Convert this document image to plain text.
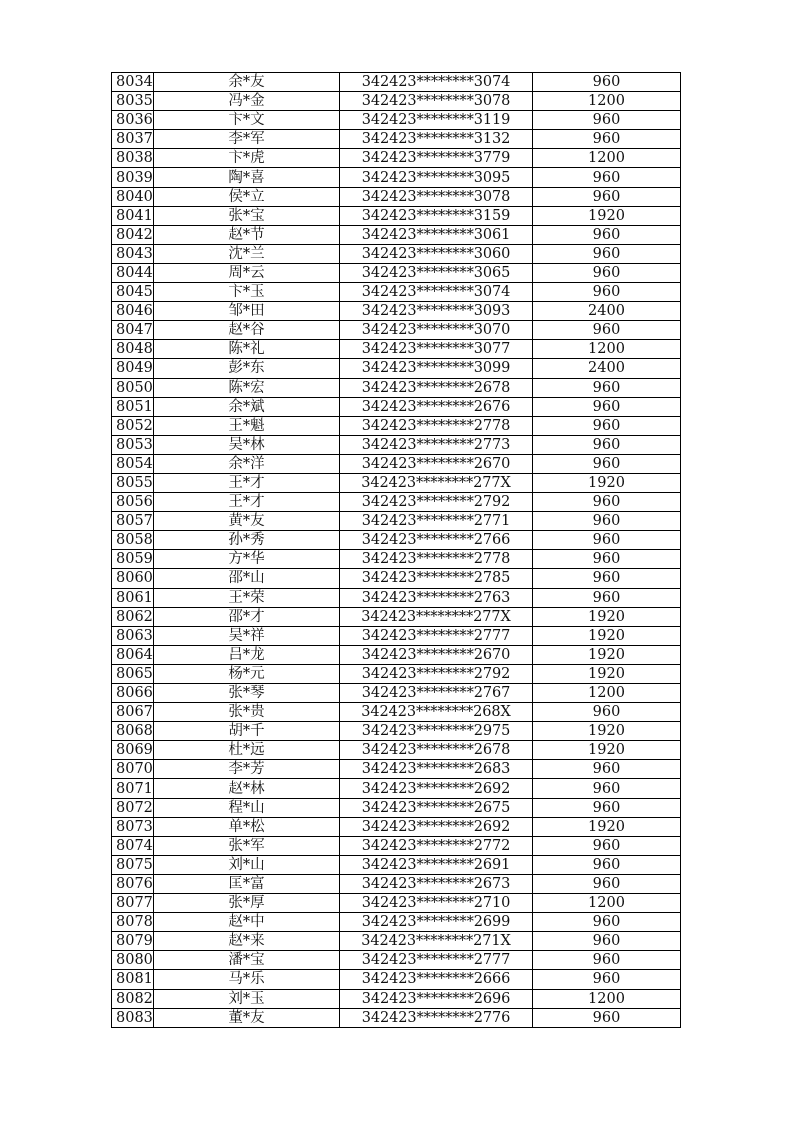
8034	余*友	342423********3074	960
8035	冯*金	342423********3078	1200
8036	卞*文	342423********3119	960
8037	李*军	342423********3132	960
8038	卞*虎	342423********3779	1200
8039	陶*喜	342423********3095	960
8040	侯*立	342423********3078	960
8041	张*宝	342423********3159	1920
8042	赵*节	342423********3061	960
8043	沈*兰	342423********3060	960
8044	周*云	342423********3065	960
8045	卞*玉	342423********3074	960
8046	邹*田	342423********3093	2400
8047	赵*谷	342423********3070	960
8048	陈*礼	342423********3077	1200
8049	彭*东	342423********3099	2400
8050	陈*宏	342423********2678	960
8051	余*斌	342423********2676	960
8052	王*魁	342423********2778	960
8053	吴*林	342423********2773	960
8054	余*洋	342423********2670	960
8055	王*才	342423********277X	1920
8056	王*才	342423********2792	960
8057	黄*友	342423********2771	960
8058	孙*秀	342423********2766	960
8059	方*华	342423********2778	960
8060	邵*山	342423********2785	960
8061	王*荣	342423********2763	960
8062	邵*才	342423********277X	1920
8063	吴*祥	342423********2777	1920
8064	吕*龙	342423********2670	1920
8065	杨*元	342423********2792	1920
8066	张*琴	342423********2767	1200
8067	张*贵	342423********268X	960
8068	胡*千	342423********2975	1920
8069	杜*远	342423********2678	1920
8070	李*芳	342423********2683	960
8071	赵*林	342423********2692	960
8072	程*山	342423********2675	960
8073	单*松	342423********2692	1920
8074	张*军	342423********2772	960
8075	刘*山	342423********2691	960
8076	匡*富	342423********2673	960
8077	张*厚	342423********2710	1200
8078	赵*中	342423********2699	960
8079	赵*来	342423********271X	960
8080	潘*宝	342423********2777	960
8081	马*乐	342423********2666	960
8082	刘*玉	342423********2696	1200
8083	董*友	342423********2776	960
